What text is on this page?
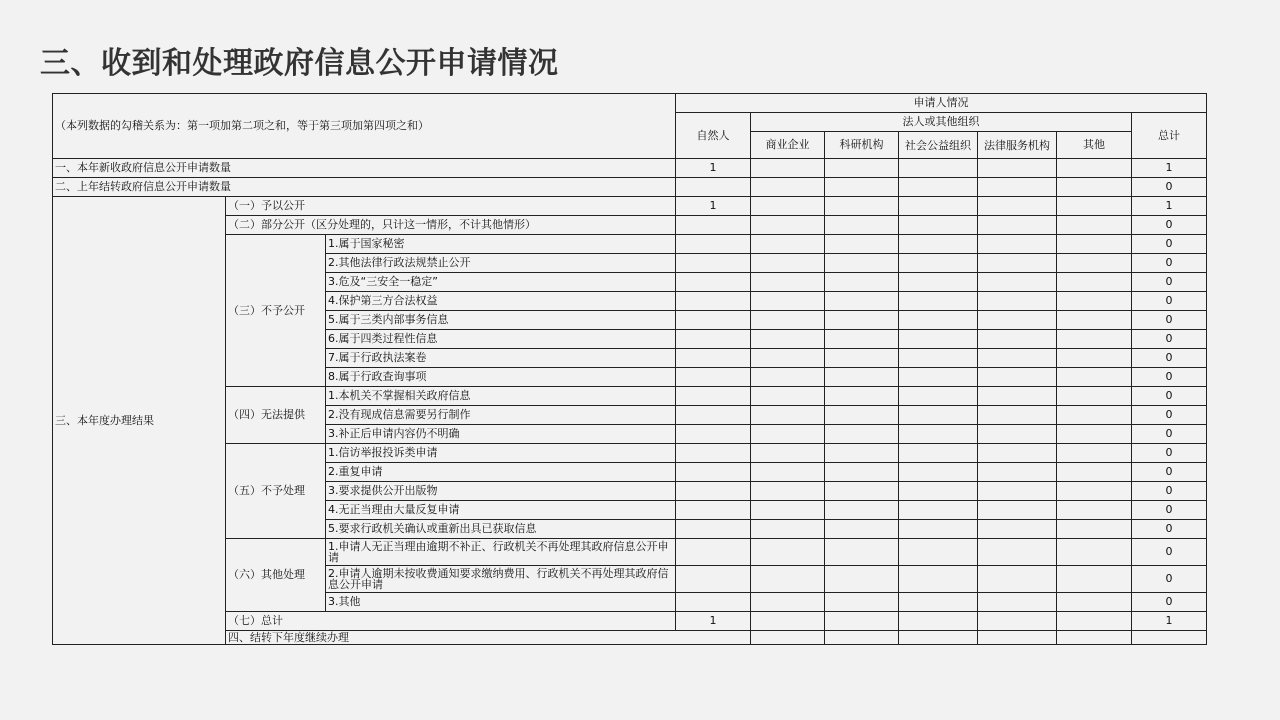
三、收到和处理政府信息公开申请情况
（本列数据的勾稽关系为：第一项加第二项之和，等于第三项加第四项之和）			申请人情况							
			自然人	法人或其他组织					总计	
				商业企业	科研机构	社会公益组织	法律服务机构	其他		
一、本年新收政府信息公开申请数量			1						1	
二、上年结转政府信息公开申请数量									0	
三、本年度办理结果	（一）予以公开		1						1	
	（二）部分公开（区分处理的，只计这一情形，不计其他情形）								0	
	（三）不予公开	1.属于国家秘密							0	
		2.其他法律行政法规禁止公开							0	
		3.危及“三安全一稳定”							0	
		4.保护第三方合法权益							0	
		5.属于三类内部事务信息							0	
		6.属于四类过程性信息							0	
		7.属于行政执法案卷							0	
		8.属于行政查询事项							0	
	（四）无法提供	1.本机关不掌握相关政府信息							0	
		2.没有现成信息需要另行制作							0	
		3.补正后申请内容仍不明确							0	
	（五）不予处理	1.信访举报投诉类申请							0	
		2.重复申请							0	
		3.要求提供公开出版物							0	
		4.无正当理由大量反复申请							0	
		5.要求行政机关确认或重新出具已获取信息							0	
	（六）其他处理	1.申请人无正当理由逾期不补正、行政机关不再处理其政府信息公开申请							0	
		2.申请人逾期未按收费通知要求缴纳费用、行政机关不再处理其政府信息公开申请							0	
		3.其他							0	
	（七）总计		1						1	
	四、结转下年度继续办理							
